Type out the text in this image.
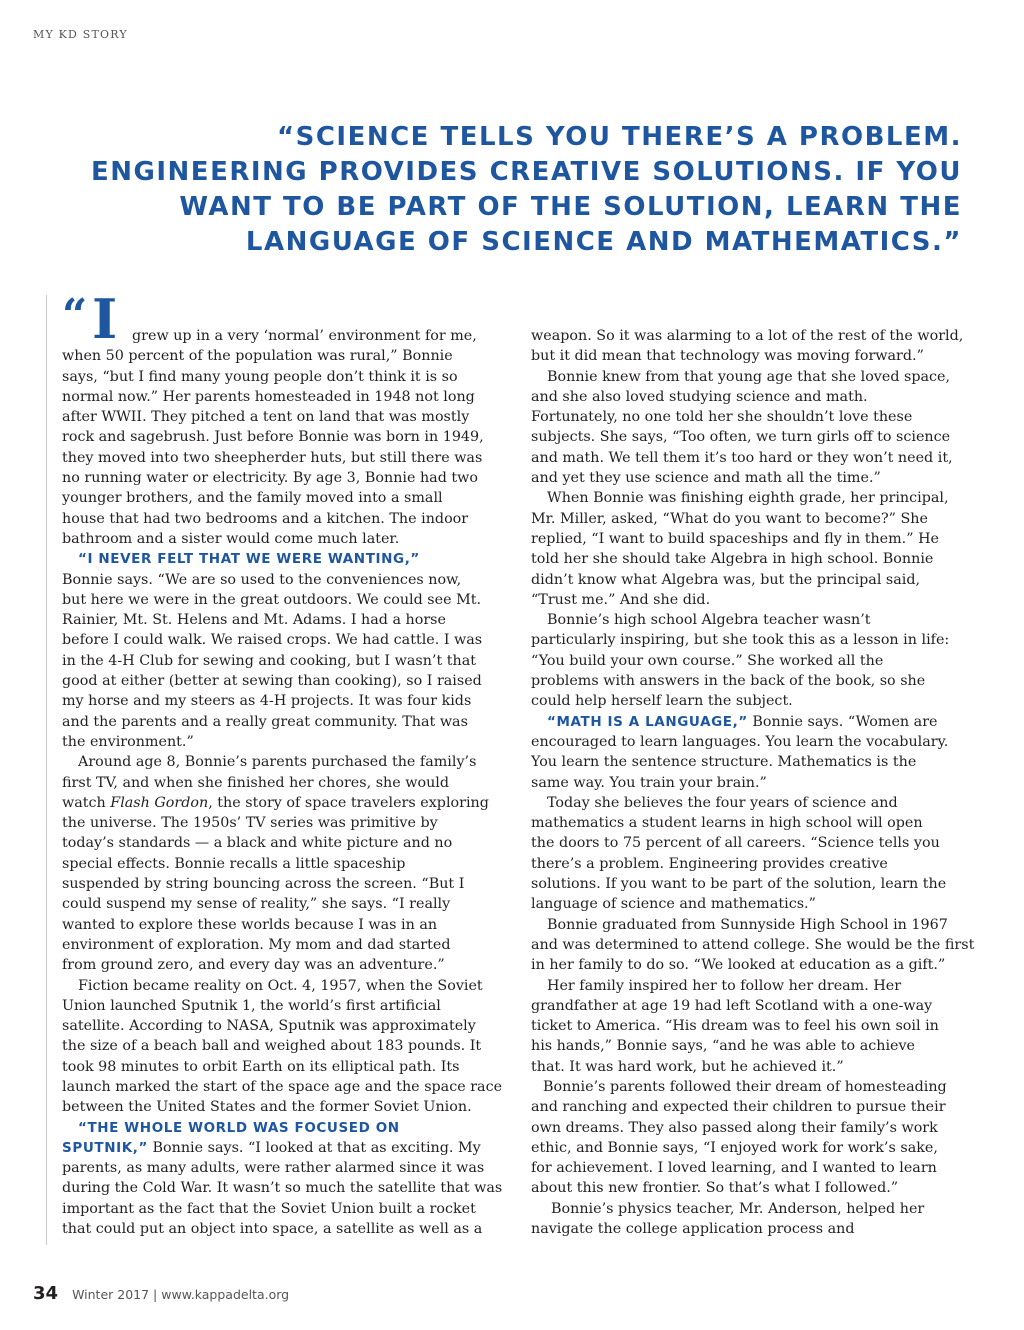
MY KD STORY
“SCIENCE TELLS YOU THERE’S A PROBLEM.
ENGINEERING PROVIDES CREATIVE SOLUTIONS. IF YOU
WANT TO BE PART OF THE SOLUTION, LEARN THE
LANGUAGE OF SCIENCE AND MATHEMATICS.”
“ I	grew up in a very ‘normal’ environment for me,
when 50 percent of the population was rural,” Bonnie
says, “but I find many young people don’t think it is so
normal now.” Her parents homesteaded in 1948 not long
after WWII. They pitched a tent on land that was mostly
rock and sagebrush. Just before Bonnie was born in 1949,
they moved into two sheepherder huts, but still there was
no running water or electricity. By age 3, Bonnie had two
younger brothers, and the family moved into a small
house that had two bedrooms and a kitchen. The indoor
bathroom and a sister would come much later.
“I NEVER FELT THAT WE WERE WANTING,”
Bonnie says. “We are so used to the conveniences now,
but here we were in the great outdoors. We could see Mt.
Rainier, Mt. St. Helens and Mt. Adams. I had a horse
before I could walk. We raised crops. We had cattle. I was
in the 4-H Club for sewing and cooking, but I wasn’t that
good at either (better at sewing than cooking), so I raised
my horse and my steers as 4-H projects. It was four kids
and the parents and a really great community. That was
the environment.”
Around age 8, Bonnie’s parents purchased the family’s
first TV, and when she finished her chores, she would
watch Flash Gordon, the story of space travelers exploring
the universe. The 1950s’ TV series was primitive by
today’s standards — a black and white picture and no
special effects. Bonnie recalls a little spaceship
suspended by string bouncing across the screen. “But I
could suspend my sense of reality,” she says. “I really
wanted to explore these worlds because I was in an
environment of exploration. My mom and dad started
from ground zero, and every day was an adventure.”
Fiction became reality on Oct. 4, 1957, when the Soviet
Union launched Sputnik 1, the world’s first artificial
satellite. According to NASA, Sputnik was approximately
the size of a beach ball and weighed about 183 pounds. It
took 98 minutes to orbit Earth on its elliptical path. Its
launch marked the start of the space age and the space race
between the United States and the former Soviet Union.
“THE WHOLE WORLD WAS FOCUSED ON
SPUTNIK,” Bonnie says. “I looked at that as exciting. My
parents, as many adults, were rather alarmed since it was
during the Cold War. It wasn’t so much the satellite that was
important as the fact that the Soviet Union built a rocket
that could put an object into space, a satellite as well as a
weapon. So it was alarming to a lot of the rest of the world,
but it did mean that technology was moving forward.”
Bonnie knew from that young age that she loved space,
and she also loved studying science and math.
Fortunately, no one told her she shouldn’t love these
subjects. She says, “Too often, we turn girls off to science
and math. We tell them it’s too hard or they won’t need it,
and yet they use science and math all the time.”
When Bonnie was finishing eighth grade, her principal,
Mr. Miller, asked, “What do you want to become?” She
replied, “I want to build spaceships and fly in them.” He
told her she should take Algebra in high school. Bonnie
didn’t know what Algebra was, but the principal said,
“Trust me.” And she did.
Bonnie’s high school Algebra teacher wasn’t
particularly inspiring, but she took this as a lesson in life:
“You build your own course.” She worked all the
problems with answers in the back of the book, so she
could help herself learn the subject.
“MATH IS A LANGUAGE,” Bonnie says. “Women are
encouraged to learn languages. You learn the vocabulary.
You learn the sentence structure. Mathematics is the
same way. You train your brain.”
Today she believes the four years of science and
mathematics a student learns in high school will open
the doors to 75 percent of all careers. “Science tells you
there’s a problem. Engineering provides creative
solutions. If you want to be part of the solution, learn the
language of science and mathematics.”
Bonnie graduated from Sunnyside High School in 1967
and was determined to attend college. She would be the first
in her family to do so. “We looked at education as a gift.”
Her family inspired her to follow her dream. Her
grandfather at age 19 had left Scotland with a one-way
ticket to America. “His dream was to feel his own soil in
his hands,” Bonnie says, “and he was able to achieve
that. It was hard work, but he achieved it.”
Bonnie’s parents followed their dream of homesteading
and ranching and expected their children to pursue their
own dreams. They also passed along their family’s work
ethic, and Bonnie says, “I enjoyed work for work’s sake,
for achievement. I loved learning, and I wanted to learn
about this new frontier. So that’s what I followed.”
Bonnie’s physics teacher, Mr. Anderson, helped her
navigate the college application process and
34 Winter 2017 | www.kappadelta.org
